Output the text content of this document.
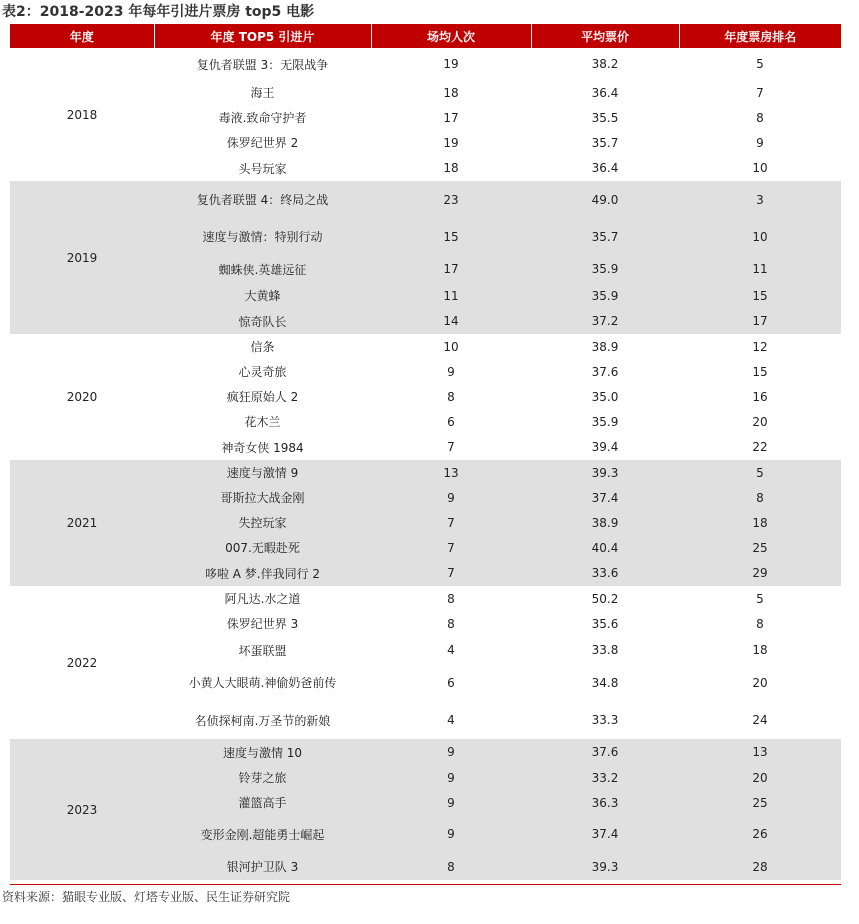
表2：2018-2023 年每年引进片票房 top5 电影
年度	年度 TOP5 引进片	场均人次	平均票价	年度票房排名
2018	复仇者联盟 3：无限战争	19	38.2	5
	海王	18	36.4	7
	毒液.致命守护者	17	35.5	8
	侏罗纪世界 2	19	35.7	9
	头号玩家	18	36.4	10
2019	复仇者联盟 4：终局之战	23	49.0	3
	速度与激情：特别行动	15	35.7	10
	蜘蛛侠.英雄远征	17	35.9	11
	大黄蜂	11	35.9	15
	惊奇队长	14	37.2	17
2020	信条	10	38.9	12
	心灵奇旅	9	37.6	15
	疯狂原始人 2	8	35.0	16
	花木兰	6	35.9	20
	神奇女侠 1984	7	39.4	22
2021	速度与激情 9	13	39.3	5
	哥斯拉大战金刚	9	37.4	8
	失控玩家	7	38.9	18
	007.无暇赴死	7	40.4	25
	哆啦 A 梦.伴我同行 2	7	33.6	29
2022	阿凡达.水之道	8	50.2	5
	侏罗纪世界 3	8	35.6	8
	坏蛋联盟	4	33.8	18
	小黄人大眼萌.神偷奶爸前传	6	34.8	20
	名侦探柯南.万圣节的新娘	4	33.3	24
2023	速度与激情 10	9	37.6	13
	铃芽之旅	9	33.2	20
	灌篮高手	9	36.3	25
	变形金刚.超能勇士崛起	9	37.4	26
	银河护卫队 3	8	39.3	28
资料来源：猫眼专业版、灯塔专业版、民生证券研究院
